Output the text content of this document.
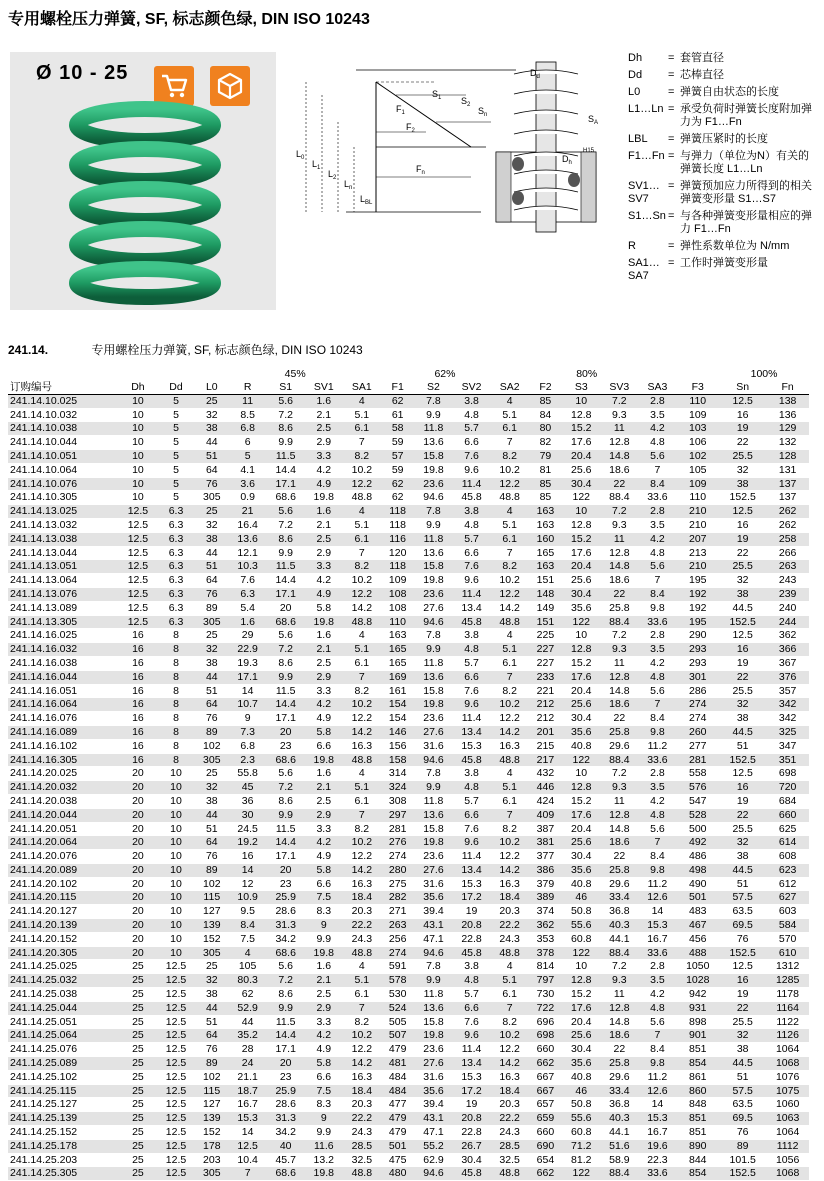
专用螺栓压力弹簧, SF, 标志颜色绿, DIN ISO 10243
Ø 10 - 25
$L_0$
$L_1$
$L_2$
$L_n$
$L_{BL}$
$F_1$
$F_2$
$F_n$
$S_1$ $S_2$
$S_n$
$D_d$
$D_h$
H15
$S_A$
Dh	= 套管直径
Dd	= 芯棒直径
L0	= 弹簧自由状态的长度
L1…Ln = 承受负荷时弹簧长度附加弹力为 F1…Fn
LBL	= 弹簧压紧时的长度
F1…Fn = 与弹力（单位为N）有关的弹簧长度 L1…Ln
SV1…SV7
= 弹簧预加应力所得到的相关弹簧变形量 S1…S7
S1…Sn = 与各种弹簧变形量相应的弹力 F1…Fn
R	= 弹性系数单位为 N/mm
SA1…SA7
= 工作时弹簧变形量
241.14.	专用螺栓压力弹簧, SF, 标志颜色绿, DIN ISO 10243
					45%				62%				80%				100%	
订购编号	Dh	Dd	L0	R	S1	SV1	SA1	F1	S2	SV2	SA2	F2	S3	SV3	SA3	F3	Sn	Fn
241.14.10.025	10	5	25	11	5.6	1.6	4	62	7.8	3.8	4	85	10	7.2	2.8	110	12.5	138
241.14.10.032	10	5	32	8.5	7.2	2.1	5.1	61	9.9	4.8	5.1	84	12.8	9.3	3.5	109	16	136
241.14.10.038	10	5	38	6.8	8.6	2.5	6.1	58	11.8	5.7	6.1	80	15.2	11	4.2	103	19	129
241.14.10.044	10	5	44	6	9.9	2.9	7	59	13.6	6.6	7	82	17.6	12.8	4.8	106	22	132
241.14.10.051	10	5	51	5	11.5	3.3	8.2	57	15.8	7.6	8.2	79	20.4	14.8	5.6	102	25.5	128
241.14.10.064	10	5	64	4.1	14.4	4.2	10.2	59	19.8	9.6	10.2	81	25.6	18.6	7	105	32	131
241.14.10.076	10	5	76	3.6	17.1	4.9	12.2	62	23.6	11.4	12.2	85	30.4	22	8.4	109	38	137
241.14.10.305	10	5	305	0.9	68.6	19.8	48.8	62	94.6	45.8	48.8	85	122	88.4	33.6	110	152.5	137
241.14.13.025	12.5	6.3	25	21	5.6	1.6	4	118	7.8	3.8	4	163	10	7.2	2.8	210	12.5	262
241.14.13.032	12.5	6.3	32	16.4	7.2	2.1	5.1	118	9.9	4.8	5.1	163	12.8	9.3	3.5	210	16	262
241.14.13.038	12.5	6.3	38	13.6	8.6	2.5	6.1	116	11.8	5.7	6.1	160	15.2	11	4.2	207	19	258
241.14.13.044	12.5	6.3	44	12.1	9.9	2.9	7	120	13.6	6.6	7	165	17.6	12.8	4.8	213	22	266
241.14.13.051	12.5	6.3	51	10.3	11.5	3.3	8.2	118	15.8	7.6	8.2	163	20.4	14.8	5.6	210	25.5	263
241.14.13.064	12.5	6.3	64	7.6	14.4	4.2	10.2	109	19.8	9.6	10.2	151	25.6	18.6	7	195	32	243
241.14.13.076	12.5	6.3	76	6.3	17.1	4.9	12.2	108	23.6	11.4	12.2	148	30.4	22	8.4	192	38	239
241.14.13.089	12.5	6.3	89	5.4	20	5.8	14.2	108	27.6	13.4	14.2	149	35.6	25.8	9.8	192	44.5	240
241.14.13.305	12.5	6.3	305	1.6	68.6	19.8	48.8	110	94.6	45.8	48.8	151	122	88.4	33.6	195	152.5	244
241.14.16.025	16	8	25	29	5.6	1.6	4	163	7.8	3.8	4	225	10	7.2	2.8	290	12.5	362
241.14.16.032	16	8	32	22.9	7.2	2.1	5.1	165	9.9	4.8	5.1	227	12.8	9.3	3.5	293	16	366
241.14.16.038	16	8	38	19.3	8.6	2.5	6.1	165	11.8	5.7	6.1	227	15.2	11	4.2	293	19	367
241.14.16.044	16	8	44	17.1	9.9	2.9	7	169	13.6	6.6	7	233	17.6	12.8	4.8	301	22	376
241.14.16.051	16	8	51	14	11.5	3.3	8.2	161	15.8	7.6	8.2	221	20.4	14.8	5.6	286	25.5	357
241.14.16.064	16	8	64	10.7	14.4	4.2	10.2	154	19.8	9.6	10.2	212	25.6	18.6	7	274	32	342
241.14.16.076	16	8	76	9	17.1	4.9	12.2	154	23.6	11.4	12.2	212	30.4	22	8.4	274	38	342
241.14.16.089	16	8	89	7.3	20	5.8	14.2	146	27.6	13.4	14.2	201	35.6	25.8	9.8	260	44.5	325
241.14.16.102	16	8	102	6.8	23	6.6	16.3	156	31.6	15.3	16.3	215	40.8	29.6	11.2	277	51	347
241.14.16.305	16	8	305	2.3	68.6	19.8	48.8	158	94.6	45.8	48.8	217	122	88.4	33.6	281	152.5	351
241.14.20.025	20	10	25	55.8	5.6	1.6	4	314	7.8	3.8	4	432	10	7.2	2.8	558	12.5	698
241.14.20.032	20	10	32	45	7.2	2.1	5.1	324	9.9	4.8	5.1	446	12.8	9.3	3.5	576	16	720
241.14.20.038	20	10	38	36	8.6	2.5	6.1	308	11.8	5.7	6.1	424	15.2	11	4.2	547	19	684
241.14.20.044	20	10	44	30	9.9	2.9	7	297	13.6	6.6	7	409	17.6	12.8	4.8	528	22	660
241.14.20.051	20	10	51	24.5	11.5	3.3	8.2	281	15.8	7.6	8.2	387	20.4	14.8	5.6	500	25.5	625
241.14.20.064	20	10	64	19.2	14.4	4.2	10.2	276	19.8	9.6	10.2	381	25.6	18.6	7	492	32	614
241.14.20.076	20	10	76	16	17.1	4.9	12.2	274	23.6	11.4	12.2	377	30.4	22	8.4	486	38	608
241.14.20.089	20	10	89	14	20	5.8	14.2	280	27.6	13.4	14.2	386	35.6	25.8	9.8	498	44.5	623
241.14.20.102	20	10	102	12	23	6.6	16.3	275	31.6	15.3	16.3	379	40.8	29.6	11.2	490	51	612
241.14.20.115	20	10	115	10.9	25.9	7.5	18.4	282	35.6	17.2	18.4	389	46	33.4	12.6	501	57.5	627
241.14.20.127	20	10	127	9.5	28.6	8.3	20.3	271	39.4	19	20.3	374	50.8	36.8	14	483	63.5	603
241.14.20.139	20	10	139	8.4	31.3	9	22.2	263	43.1	20.8	22.2	362	55.6	40.3	15.3	467	69.5	584
241.14.20.152	20	10	152	7.5	34.2	9.9	24.3	256	47.1	22.8	24.3	353	60.8	44.1	16.7	456	76	570
241.14.20.305	20	10	305	4	68.6	19.8	48.8	274	94.6	45.8	48.8	378	122	88.4	33.6	488	152.5	610
241.14.25.025	25	12.5	25	105	5.6	1.6	4	591	7.8	3.8	4	814	10	7.2	2.8	1050	12.5	1312
241.14.25.032	25	12.5	32	80.3	7.2	2.1	5.1	578	9.9	4.8	5.1	797	12.8	9.3	3.5	1028	16	1285
241.14.25.038	25	12.5	38	62	8.6	2.5	6.1	530	11.8	5.7	6.1	730	15.2	11	4.2	942	19	1178
241.14.25.044	25	12.5	44	52.9	9.9	2.9	7	524	13.6	6.6	7	722	17.6	12.8	4.8	931	22	1164
241.14.25.051	25	12.5	51	44	11.5	3.3	8.2	505	15.8	7.6	8.2	696	20.4	14.8	5.6	898	25.5	1122
241.14.25.064	25	12.5	64	35.2	14.4	4.2	10.2	507	19.8	9.6	10.2	698	25.6	18.6	7	901	32	1126
241.14.25.076	25	12.5	76	28	17.1	4.9	12.2	479	23.6	11.4	12.2	660	30.4	22	8.4	851	38	1064
241.14.25.089	25	12.5	89	24	20	5.8	14.2	481	27.6	13.4	14.2	662	35.6	25.8	9.8	854	44.5	1068
241.14.25.102	25	12.5	102	21.1	23	6.6	16.3	484	31.6	15.3	16.3	667	40.8	29.6	11.2	861	51	1076
241.14.25.115	25	12.5	115	18.7	25.9	7.5	18.4	484	35.6	17.2	18.4	667	46	33.4	12.6	860	57.5	1075
241.14.25.127	25	12.5	127	16.7	28.6	8.3	20.3	477	39.4	19	20.3	657	50.8	36.8	14	848	63.5	1060
241.14.25.139	25	12.5	139	15.3	31.3	9	22.2	479	43.1	20.8	22.2	659	55.6	40.3	15.3	851	69.5	1063
241.14.25.152	25	12.5	152	14	34.2	9.9	24.3	479	47.1	22.8	24.3	660	60.8	44.1	16.7	851	76	1064
241.14.25.178	25	12.5	178	12.5	40	11.6	28.5	501	55.2	26.7	28.5	690	71.2	51.6	19.6	890	89	1112
241.14.25.203	25	12.5	203	10.4	45.7	13.2	32.5	475	62.9	30.4	32.5	654	81.2	58.9	22.3	844	101.5	1056
241.14.25.305	25	12.5	305	7	68.6	19.8	48.8	480	94.6	45.8	48.8	662	122	88.4	33.6	854	152.5	1068
